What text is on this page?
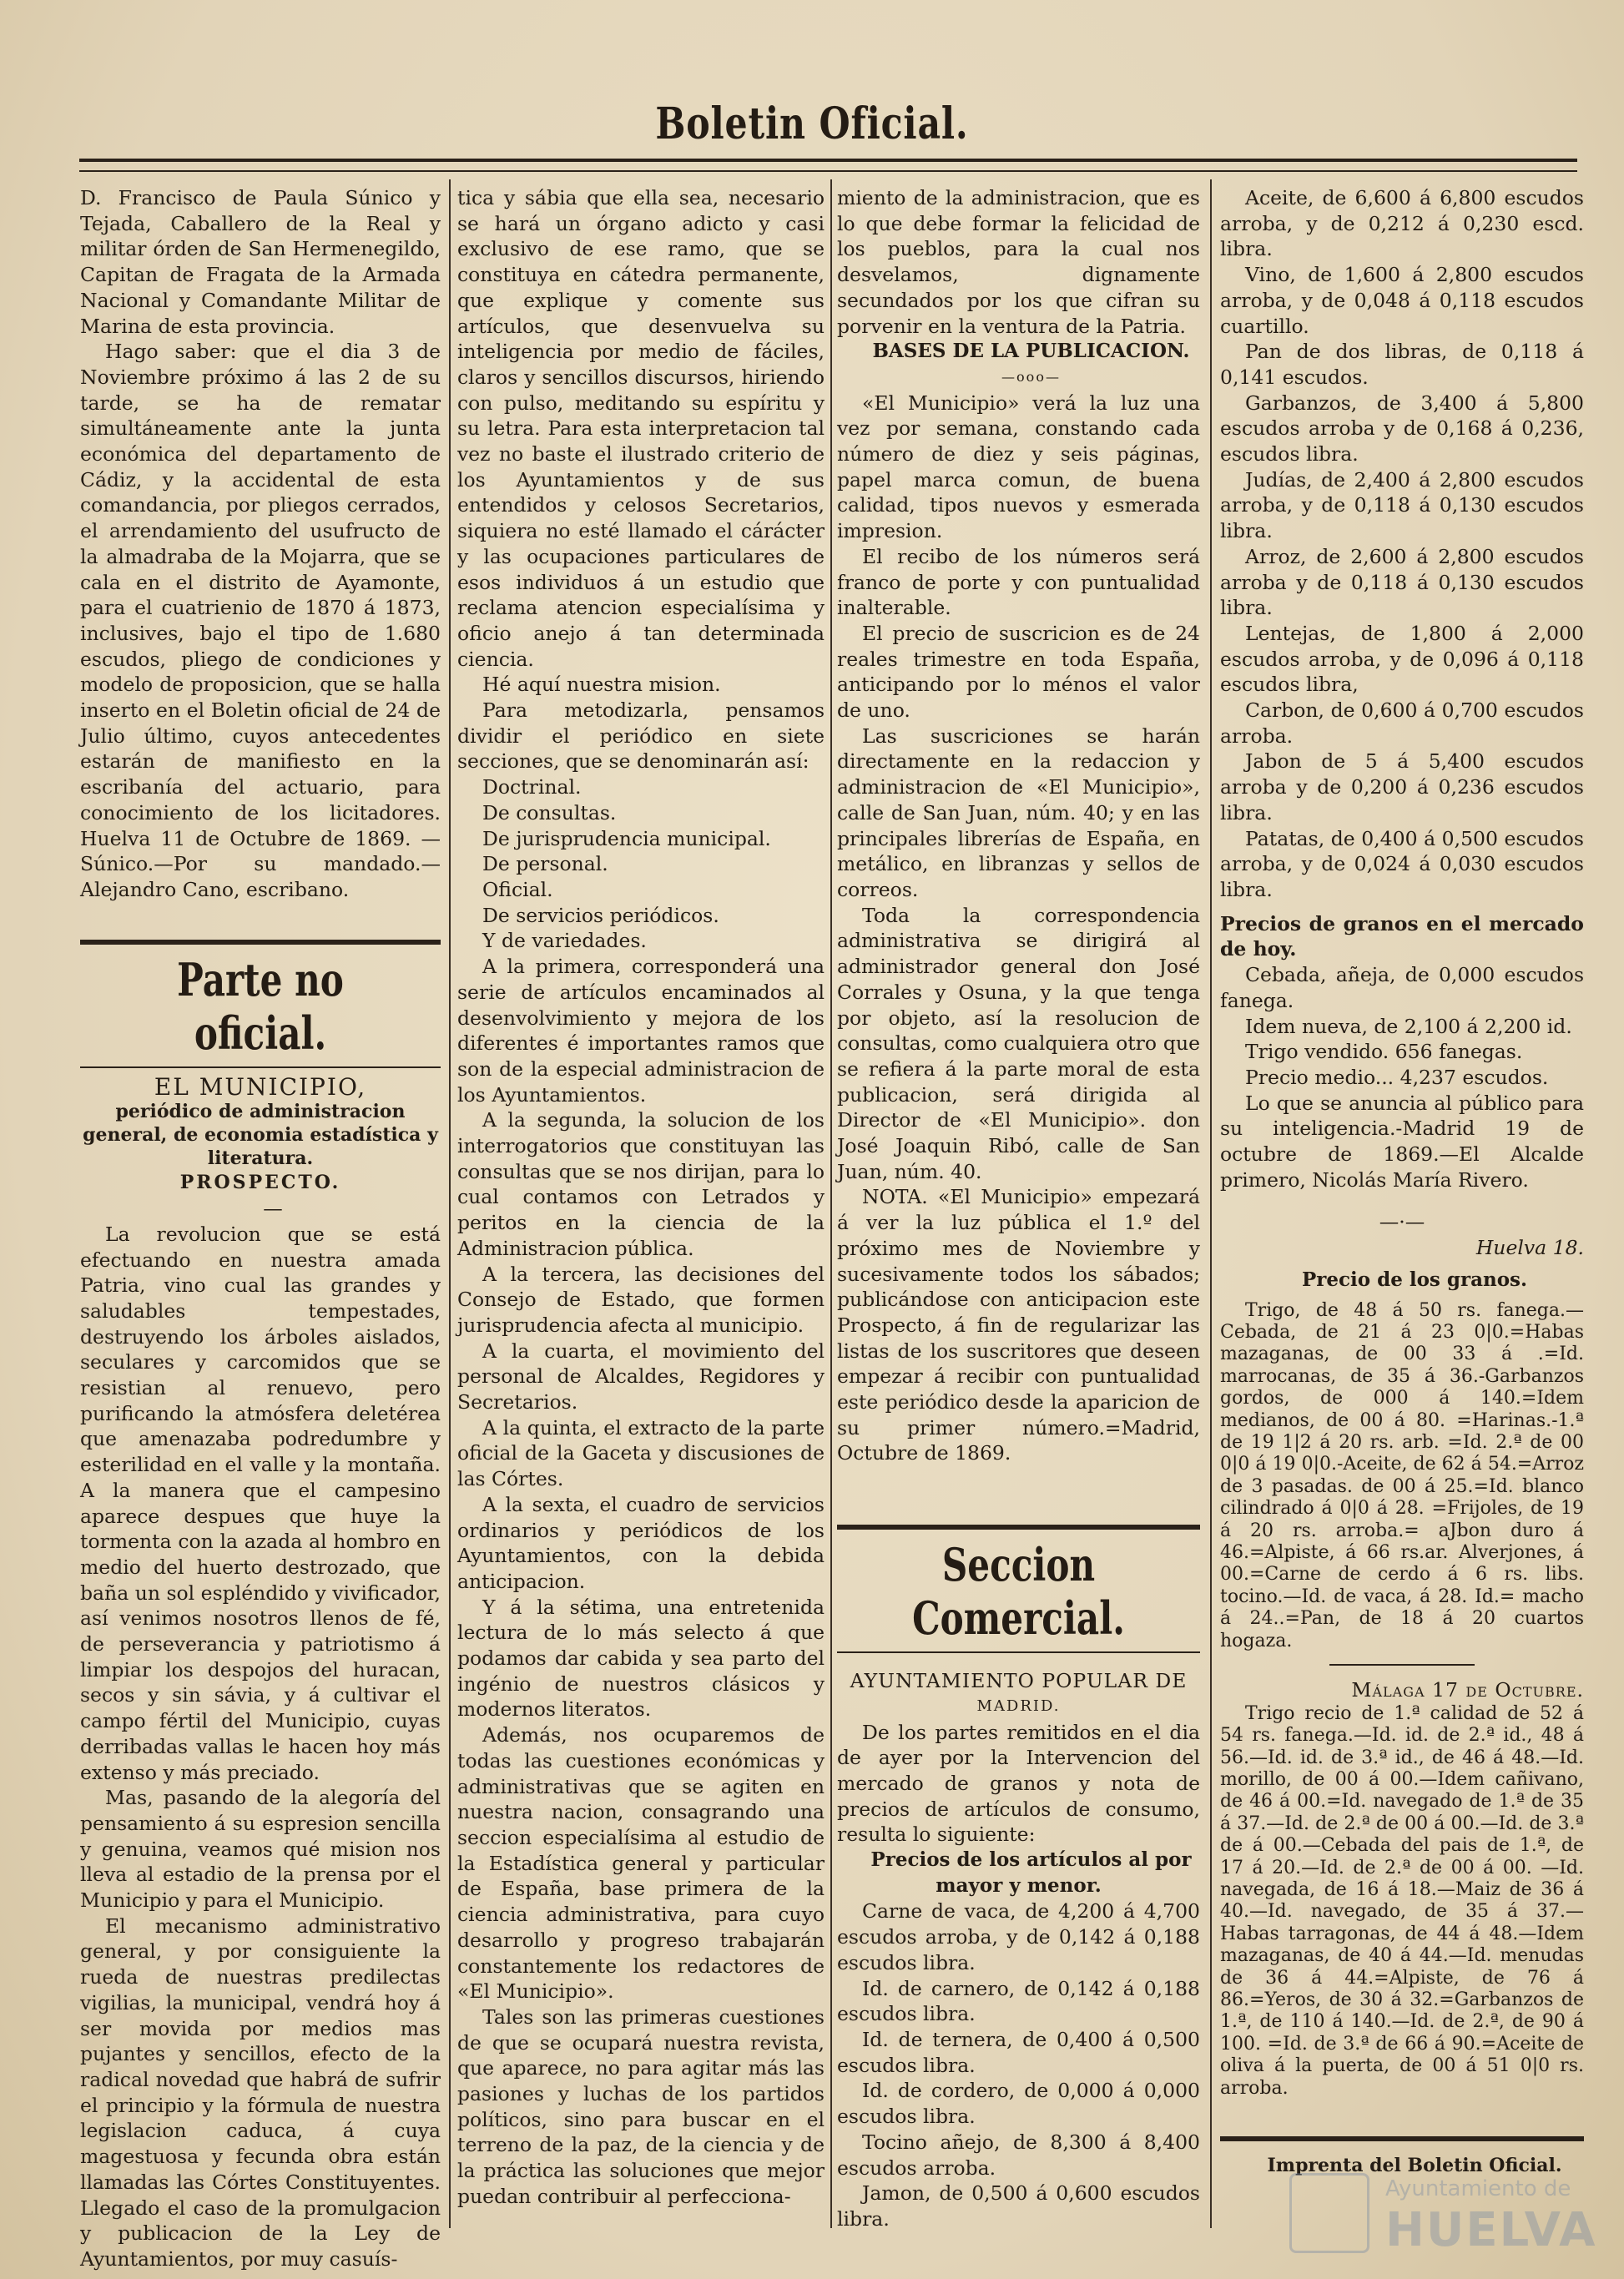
Boletin Oficial.

D. Francisco de Paula Súnico y Tejada, Caballero de la Real y militar órden de San Hermenegildo, Capitan de Fragata de la Armada Nacional y Comandante Militar de Marina de esta provincia.

Hago saber: que el dia 3 de Noviembre próximo á las 2 de su tarde, se ha de rematar simultáneamente ante la junta económica del departamento de Cádiz, y la accidental de esta comandancia, por pliegos cerrados, el arrendamiento del usufructo de la almadraba de la Mojarra, que se cala en el distrito de Ayamonte, para el cuatrienio de 1870 á 1873, inclusives, bajo el tipo de 1.680 escudos, pliego de condiciones y modelo de proposicion, que se halla inserto en el Boletin oficial de 24 de Julio último, cuyos antecedentes estarán de manifiesto en la escribanía del actuario, para conocimiento de los licitadores. Huelva 11 de Octubre de 1869. —Súnico.—Por su mandado.—Alejandro Cano, escribano.

Parte no oficial.

EL MUNICIPIO,

periódico de administracion general, de economia estadística y literatura.

PROSPECTO.

—

La revolucion que se está efectuando en nuestra amada Patria, vino cual las grandes y saludables tempestades, destruyendo los árboles aislados, seculares y carcomidos que se resistian al renuevo, pero purificando la atmósfera deletérea que amenazaba podredumbre y esterilidad en el valle y la montaña. A la manera que el campesino aparece despues que huye la tormenta con la azada al hombro en medio del huerto destrozado, que baña un sol espléndido y vivificador, así venimos nosotros llenos de fé, de perseverancia y patriotismo á limpiar los despojos del huracan, secos y sin sávia, y á cultivar el campo fértil del Municipio, cuyas derribadas vallas le hacen hoy más extenso y más preciado.

Mas, pasando de la alegoría del pensamiento á su espresion sencilla y genuina, veamos qué mision nos lleva al estadio de la prensa por el Municipio y para el Municipio.

El mecanismo administrativo general, y por consiguiente la rueda de nuestras predilectas vigilias, la municipal, vendrá hoy á ser movida por medios mas pujantes y sencillos, efecto de la radical novedad que habrá de sufrir el principio y la fórmula de nuestra legislacion caduca, á cuya magestuosa y fecunda obra están llamadas las Córtes Constituyentes. Llegado el caso de la promulgacion y publicacion de la Ley de Ayuntamientos, por muy casuís-

tica y sábia que ella sea, necesario se hará un órgano adicto y casi exclusivo de ese ramo, que se constituya en cátedra permanente, que explique y comente sus artículos, que desenvuelva su inteligencia por medio de fáciles, claros y sencillos discursos, hiriendo con pulso, meditando su espíritu y su letra. Para esta interpretacion tal vez no baste el ilustrado criterio de los Ayuntamientos y de sus entendidos y celosos Secretarios, siquiera no esté llamado el cárácter y las ocupaciones particulares de esos individuos á un estudio que reclama atencion especialísima y oficio anejo á tan determinada ciencia.

Hé aquí nuestra mision.

Para metodizarla, pensamos dividir el periódico en siete secciones, que se denominarán así:

Doctrinal.
De consultas.
De jurisprudencia municipal.
De personal.
Oficial.
De servicios periódicos.
Y de variedades.

A la primera, corresponderá una serie de artículos encaminados al desenvolvimiento y mejora de los diferentes é importantes ramos que son de la especial administracion de los Ayuntamientos.

A la segunda, la solucion de los interrogatorios que constituyan las consultas que se nos dirijan, para lo cual contamos con Letrados y peritos en la ciencia de la Administracion pública.

A la tercera, las decisiones del Consejo de Estado, que formen jurisprudencia afecta al municipio.

A la cuarta, el movimiento del personal de Alcaldes, Regidores y Secretarios.

A la quinta, el extracto de la parte oficial de la Gaceta y discusiones de las Córtes.

A la sexta, el cuadro de servicios ordinarios y periódicos de los Ayuntamientos, con la debida anticipacion.

Y á la sétima, una entretenida lectura de lo más selecto á que podamos dar cabida y sea parto del ingénio de nuestros clásicos y modernos literatos.

Además, nos ocuparemos de todas las cuestiones económicas y administrativas que se agiten en nuestra nacion, consagrando una seccion especialísima al estudio de la Estadística general y particular de España, base primera de la ciencia administrativa, para cuyo desarrollo y progreso trabajarán constantemente los redactores de «El Municipio».

Tales son las primeras cuestiones de que se ocupará nuestra revista, que aparece, no para agitar más las pasiones y luchas de los partidos políticos, sino para buscar en el terreno de la paz, de la ciencia y de la práctica las soluciones que mejor puedan contribuir al perfecciona-

miento de la administracion, que es lo que debe formar la felicidad de los pueblos, para la cual nos desvelamos, dignamente secundados por los que cifran su porvenir en la ventura de la Patria.

BASES DE LA PUBLICACION.

—ooo—

«El Municipio» verá la luz una vez por semana, constando cada número de diez y seis páginas, papel marca comun, de buena calidad, tipos nuevos y esmerada impresion.

El recibo de los números será franco de porte y con puntualidad inalterable.

El precio de suscricion es de 24 reales trimestre en toda España, anticipando por lo ménos el valor de uno.

Las suscriciones se harán directamente en la redaccion y administracion de «El Municipio», calle de San Juan, núm. 40; y en las principales librerías de España, en metálico, en libranzas y sellos de correos.

Toda la correspondencia administrativa se dirigirá al administrador general don José Corrales y Osuna, y la que tenga por objeto, así la resolucion de consultas, como cualquiera otro que se refiera á la parte moral de esta publicacion, será dirigida al Director de «El Municipio». don José Joaquin Ribó, calle de San Juan, núm. 40.

NOTA. «El Municipio» empezará á ver la luz pública el 1.º del próximo mes de Noviembre y sucesivamente todos los sábados; publicándose con anticipacion este Prospecto, á fin de regularizar las listas de los suscritores que deseen empezar á recibir con puntualidad este periódico desde la aparicion de su primer número.=Madrid, Octubre de 1869.

Seccion Comercial.

AYUNTAMIENTO POPULAR DE

MADRID.

De los partes remitidos en el dia de ayer por la Intervencion del mercado de granos y nota de precios de artículos de consumo, resulta lo siguiente:

Precios de los artículos al por mayor y menor.

Carne de vaca, de 4,200 á 4,700 escudos arroba, y de 0,142 á 0,188 escudos libra.

Id. de carnero, de 0,142 á 0,188 escudos libra.

Id. de ternera, de 0,400 á 0,500 escudos libra.

Id. de cordero, de 0,000 á 0,000 escudos libra.

Tocino añejo, de 8,300 á 8,400 escudos arroba.

Jamon, de 0,500 á 0,600 escudos libra.

Aceite, de 6,600 á 6,800 escudos arroba, y de 0,212 á 0,230 escd. libra.

Vino, de 1,600 á 2,800 escudos arroba, y de 0,048 á 0,118 escudos cuartillo.

Pan de dos libras, de 0,118 á 0,141 escudos.

Garbanzos, de 3,400 á 5,800 escudos arroba y de 0,168 á 0,236, escudos libra.

Judías, de 2,400 á 2,800 escudos arroba, y de 0,118 á 0,130 escudos libra.

Arroz, de 2,600 á 2,800 escudos arroba y de 0,118 á 0,130 escudos libra.

Lentejas, de 1,800 á 2,000 escudos arroba, y de 0,096 á 0,118 escudos libra,

Carbon, de 0,600 á 0,700 escudos arroba.

Jabon de 5 á 5,400 escudos arroba y de 0,200 á 0,236 escudos libra.

Patatas, de 0,400 á 0,500 escudos arroba, y de 0,024 á 0,030 escudos libra.

Precios de granos en el mercado de hoy.

Cebada, añeja, de 0,000 escudos fanega.

Idem nueva, de 2,100 á 2,200 id.

Trigo vendido. 656 fanegas.

Precio medio... 4,237 escudos.

Lo que se anuncia al público para su inteligencia.-Madrid 19 de octubre de 1869.—El Alcalde primero, Nicolás María Rivero.

—·—

Huelva 18.

Precio de los granos.

Trigo, de 48 á 50 rs. fanega.—Cebada, de 21 á 23 0|0.=Habas mazaganas, de 00 33 á .=Id. marrocanas, de 35 á 36.-Garbanzos gordos, de 000 á 140.=Idem medianos, de 00 á 80. =Harinas.-1.ª de 19 1|2 á 20 rs. arb. =Id. 2.ª de 00 0|0 á 19 0|0.-Aceite, de 62 á 54.=Arroz de 3 pasadas. de 00 á 25.=Id. blanco cilindrado á 0|0 á 28. =Frijoles, de 19 á 20 rs. arroba.= aJbon duro á 46.=Alpiste, á 66 rs.ar. Alverjones, á 00.=Carne de cerdo á 6 rs. libs. tocino.—Id. de vaca, á 28. Id.= macho á 24..=Pan, de 18 á 20 cuartos hogaza.

Málaga 17 de Octubre.

Trigo recio de 1.ª calidad de 52 á 54 rs. fanega.—Id. id. de 2.ª id., 48 á 56.—Id. id. de 3.ª id., de 46 á 48.—Id. morillo, de 00 á 00.—Idem cañivano, de 46 á 00.=Id. navegado de 1.ª de 35 á 37.—Id. de 2.ª de 00 á 00.—Id. de 3.ª de á 00.—Cebada del pais de 1.ª, de 17 á 20.—Id. de 2.ª de 00 á 00. —Id. navegada, de 16 á 18.—Maiz de 36 á 40.—Id. navegado, de 35 á 37.— Habas tarragonas, de 44 á 48.—Idem mazaganas, de 40 á 44.—Id. menudas de 36 á 44.=Alpiste, de 76 á 86.=Yeros, de 30 á 32.=Garbanzos de 1.ª, de 110 á 140.—Id. de 2.ª, de 90 á 100. =Id. de 3.ª de 66 á 90.=Aceite de oliva á la puerta, de 00 á 51 0|0 rs. arroba.

Imprenta del Boletin Oficial.

Ayuntamiento de
HUELVA
